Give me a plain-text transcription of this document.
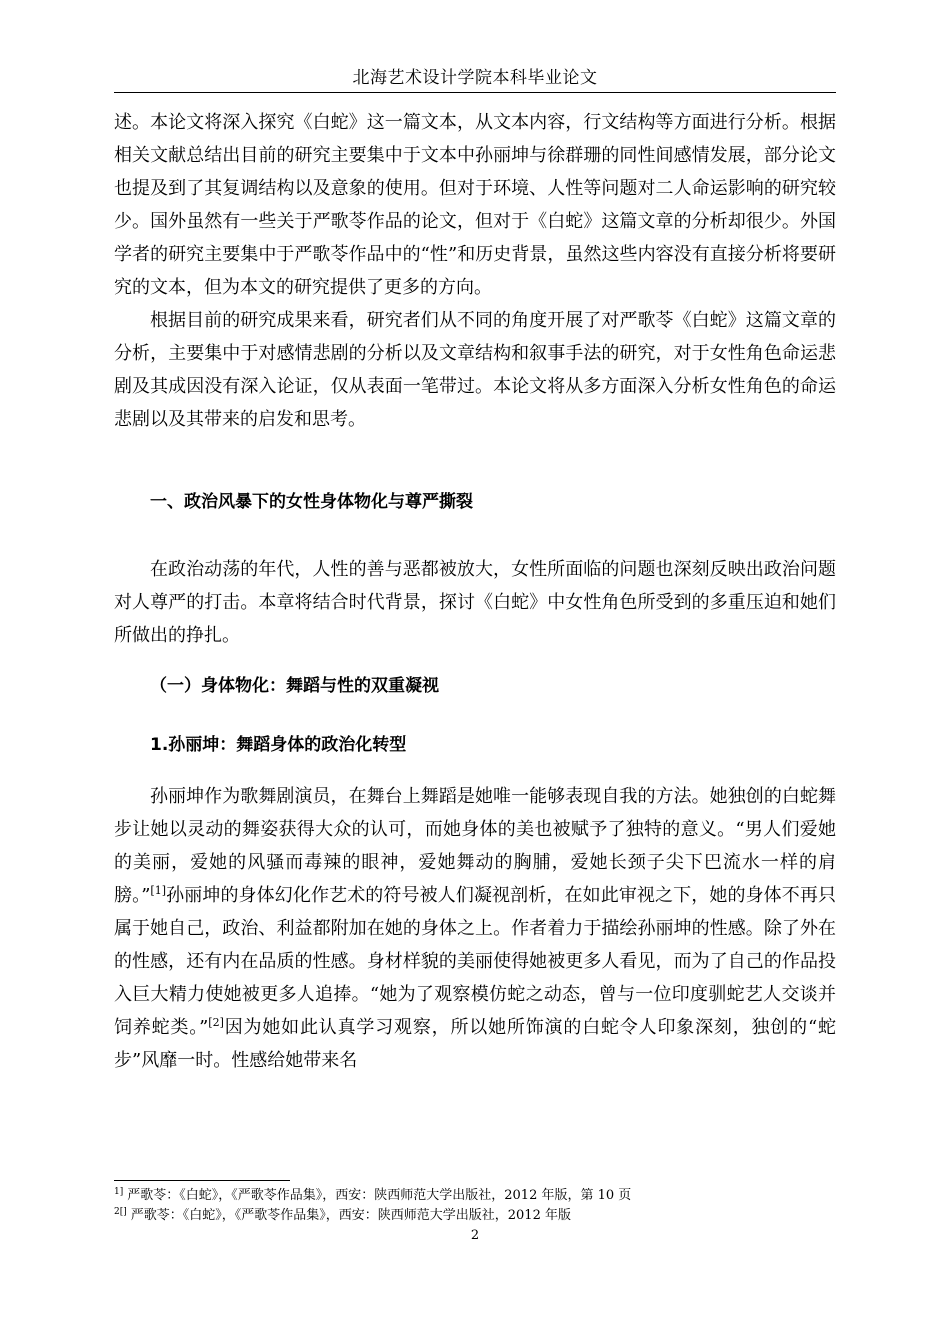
北海艺术设计学院本科毕业论文

述。本论文将深入探究《白蛇》这一篇文本，从文本内容，行文结构等方面进行分析。根据相关文献总结出目前的研究主要集中于文本中孙丽坤与徐群珊的同性间感情发展，部分论文也提及到了其复调结构以及意象的使用。但对于环境、人性等问题对二人命运影响的研究较少。国外虽然有一些关于严歌苓作品的论文，但对于《白蛇》这篇文章的分析却很少。外国学者的研究主要集中于严歌苓作品中的“性”和历史背景，虽然这些内容没有直接分析将要研究的文本，但为本文的研究提供了更多的方向。

根据目前的研究成果来看，研究者们从不同的角度开展了对严歌苓《白蛇》这篇文章的分析，主要集中于对感情悲剧的分析以及文章结构和叙事手法的研究，对于女性角色命运悲剧及其成因没有深入论证，仅从表面一笔带过。本论文将从多方面深入分析女性角色的命运悲剧以及其带来的启发和思考。

一、政治风暴下的女性身体物化与尊严撕裂

在政治动荡的年代，人性的善与恶都被放大，女性所面临的问题也深刻反映出政治问题对人尊严的打击。本章将结合时代背景，探讨《白蛇》中女性角色所受到的多重压迫和她们所做出的挣扎。

（一）身体物化：舞蹈与性的双重凝视

1.孙丽坤：舞蹈身体的政治化转型

孙丽坤作为歌舞剧演员，在舞台上舞蹈是她唯一能够表现自我的方法。她独创的白蛇舞步让她以灵动的舞姿获得大众的认可，而她身体的美也被赋予了独特的意义。“男人们爱她的美丽，爱她的风骚而毒辣的眼神，爱她舞动的胸脯，爱她长颈子尖下巴流水一样的肩膀。”[1]孙丽坤的身体幻化作艺术的符号被人们凝视剖析，在如此审视之下，她的身体不再只属于她自己，政治、利益都附加在她的身体之上。作者着力于描绘孙丽坤的性感。除了外在的性感，还有内在品质的性感。身材样貌的美丽使得她被更多人看见，而为了自己的作品投入巨大精力使她被更多人追捧。“她为了观察模仿蛇之动态，曾与一位印度驯蛇艺人交谈并饲养蛇类。”[2]因为她如此认真学习观察，所以她所饰演的白蛇令人印象深刻，独创的“蛇步”风靡一时。性感给她带来名

$^{1]}$ 严歌苓：《白蛇》，《严歌苓作品集》，西安：陕西师范大学出版社，2012 年版，第 10 页
$^{2[]}$ 严歌苓：《白蛇》，《严歌苓作品集》，西安：陕西师范大学出版社，2012 年版
2
